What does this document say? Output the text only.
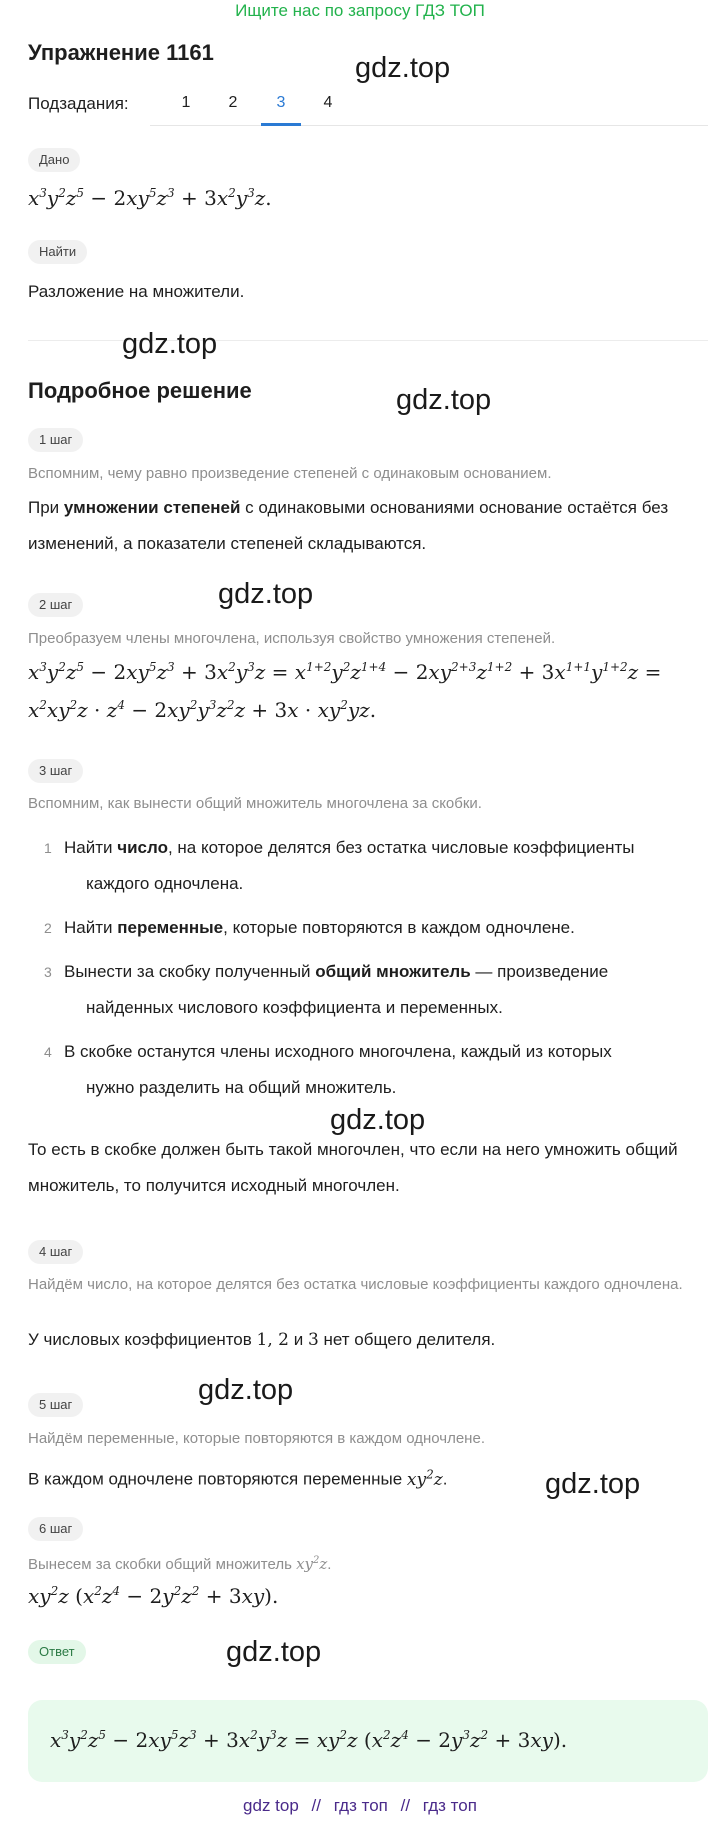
Ищите нас по запросу ГДЗ ТОП
Упражнение 1161	gdz.top
Подзадания:	1	2	3	4
Дано
$x^3y^2z^5 - 2xy^5z^3 + 3x^2y^3z$.
Найти
Разложение на множители.
gdz.top
Подробное решение	gdz.top
1 шаг
Вспомним, чему равно произведение степеней с одинаковым основанием.
При умножении степеней с одинаковыми основаниями основание остаётся без изменений, а показатели степеней складываются.
gdz.top
2 шаг
Преобразуем члены многочлена, используя свойство умножения степеней.
$x^3y^2z^5 - 2xy^5z^3 + 3x^2y^3z = x^{1+2}y^2z^{1+4} - 2xy^{2+3}z^{1+2} + 3x^{1+1}y^{1+2}z$ =
$x^2xy^2z \cdot z^4 - 2xy^2y^3z^2z + 3x \cdot xy^2yz$.
3 шаг
Вспомним, как вынести общий множитель многочлена за скобки.
1 Найти число, на которое делятся без остатка числовые коэффициенты
каждого одночлена.
2 Найти переменные, которые повторяются в каждом одночлене.
3 Вынести за скобку полученный общий множитель — произведение
найденных числового коэффициента и переменных.
4 В скобке останутся члены исходного многочлена, каждый из которых
нужно разделить на общий множитель.
gdz.top
То есть в скобке должен быть такой многочлен, что если на него умножить общий множитель, то получится исходный многочлен.
4 шаг
Найдём число, на которое делятся без остатка числовые коэффициенты каждого одночлена.
У числовых коэффициентов 1, 2 и 3 нет общего делителя.
gdz.top
5 шаг
Найдём переменные, которые повторяются в каждом одночлене.
В каждом одночлене повторяются переменные $xy^2z$.	gdz.top
6 шаг
Вынесем за скобки общий множитель $xy^2z$.
$xy^2z$ $(x^2z^4 - 2y^2z^2 + 3xy)$.
Ответ	gdz.top
$x^3y^2z^5 - 2xy^5z^3 + 3x^2y^3z = xy^2z$ $(x^2z^4 - 2y^3z^2 + 3xy)$.
gdz top // гдз топ // гдз топ
